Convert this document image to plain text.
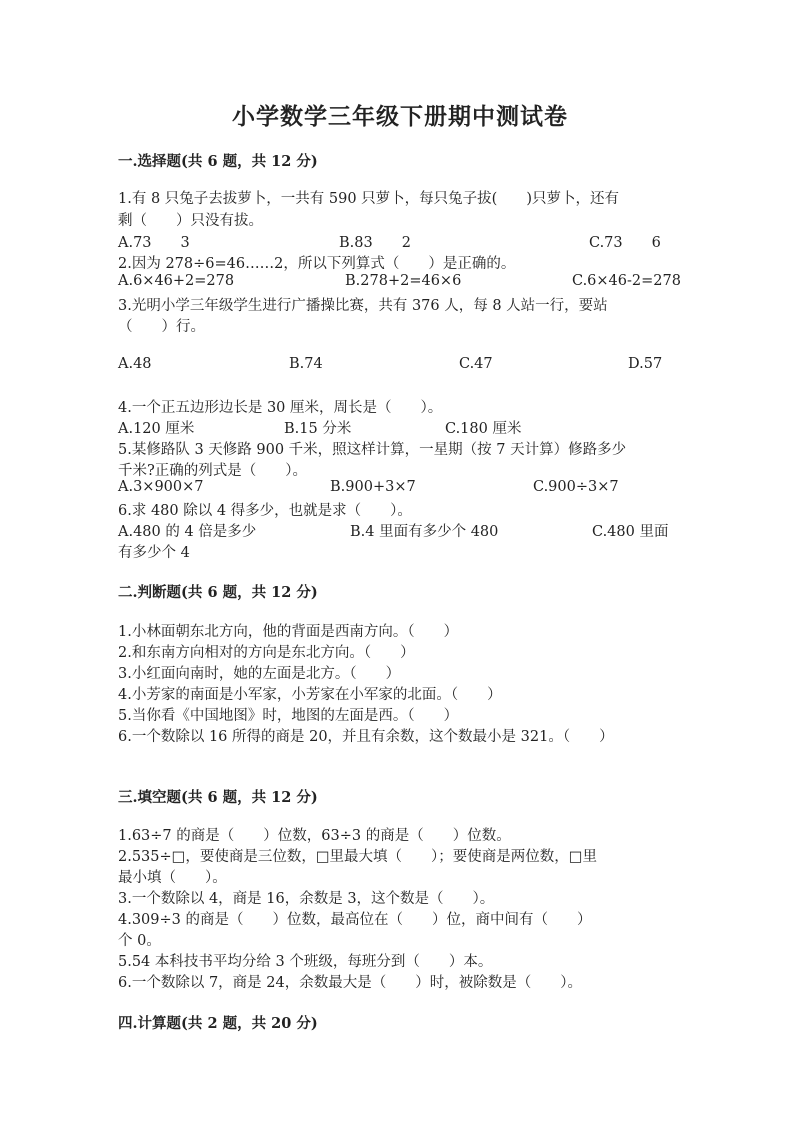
小学数学三年级下册期中测试卷
一.选择题(共 6 题，共 12 分)
1.有 8 只兔子去拔萝卜，一共有 590 只萝卜，每只兔子拔(　　)只萝卜，还有
剩（　　）只没有拔。
A.73　　3	B.83　　2	C.73　　6
2.因为 278÷6=46……2，所以下列算式（　　）是正确的。
A.6×46+2=278	B.278+2=46×6	C.6×46-2=278
3.光明小学三年级学生进行广播操比赛，共有 376 人，每 8 人站一行，要站
（　　）行。
A.48	B.74	C.47	D.57
4.一个正五边形边长是 30 厘米，周长是（　　）。
A.120 厘米	B.15 分米	C.180 厘米
5.某修路队 3 天修路 900 千米，照这样计算，一星期（按 7 天计算）修路多少
千米?正确的列式是（　　）。
A.3×900×7	B.900+3×7	C.900÷3×7
6.求 480 除以 4 得多少，也就是求（　　）。
A.480 的 4 倍是多少	B.4 里面有多少个 480	C.480 里面
有多少个 4
二.判断题(共 6 题，共 12 分)
1.小林面朝东北方向，他的背面是西南方向。（　　）
2.和东南方向相对的方向是东北方向。（　　）
3.小红面向南时，她的左面是北方。（　　）
4.小芳家的南面是小军家，小芳家在小军家的北面。（　　）
5.当你看《中国地图》时，地图的左面是西。（　　）
6.一个数除以 16 所得的商是 20，并且有余数，这个数最小是 321。（　　）
三.填空题(共 6 题，共 12 分)
1.63÷7 的商是（　　）位数，63÷3 的商是（　　）位数。
2.535÷□，要使商是三位数，□里最大填（　　）；要使商是两位数，□里
最小填（　　）。
3.一个数除以 4，商是 16，余数是 3，这个数是（　　）。
4.309÷3 的商是（　　）位数，最高位在（　　）位，商中间有（　　）
个 0。
5.54 本科技书平均分给 3 个班级，每班分到（　　）本。
6.一个数除以 7，商是 24，余数最大是（　　）时，被除数是（　　）。
四.计算题(共 2 题，共 20 分)
